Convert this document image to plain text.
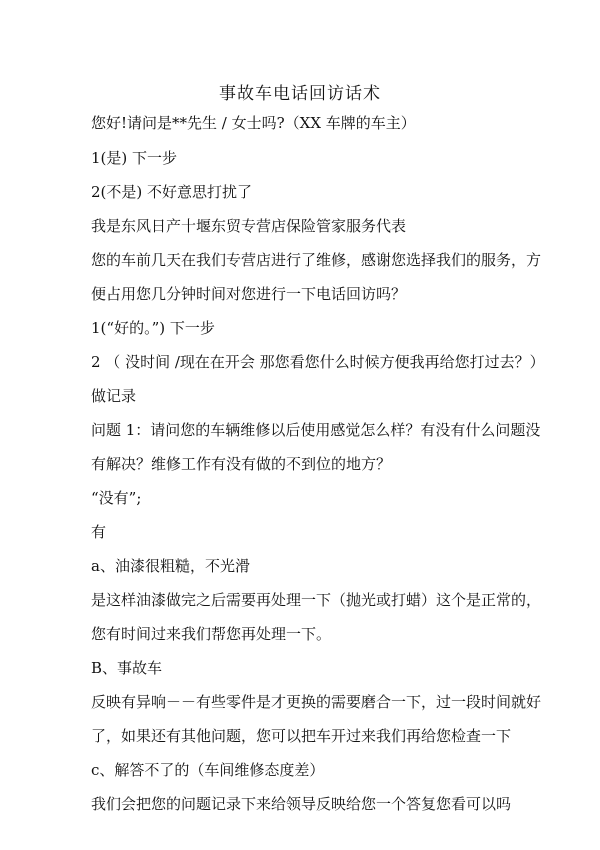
事故车电话回访话术
您好!请问是**先生 / 女士吗?（XX 车牌的车主）
1(是) 下一步
2(不是) 不好意思打扰了
我是东风日产十堰东贸专营店保险管家服务代表
您的车前几天在我们专营店进行了维修，感谢您选择我们的服务，方
便占用您几分钟时间对您进行一下电话回访吗？
1(“好的。”) 下一步
2 （ 没时间 /现在在开会 那您看您什么时候方便我再给您打过去？）
做记录
问题 1：请问您的车辆维修以后使用感觉怎么样？有没有什么问题没
有解决？维修工作有没有做的不到位的地方？
“没有”;
有
a、油漆很粗糙，不光滑
是这样油漆做完之后需要再处理一下（抛光或打蜡）这个是正常的，
您有时间过来我们帮您再处理一下。
B、事故车
反映有异响－－有些零件是才更换的需要磨合一下，过一段时间就好
了，如果还有其他问题，您可以把车开过来我们再给您检查一下
c、解答不了的（车间维修态度差）
我们会把您的问题记录下来给领导反映给您一个答复您看可以吗
